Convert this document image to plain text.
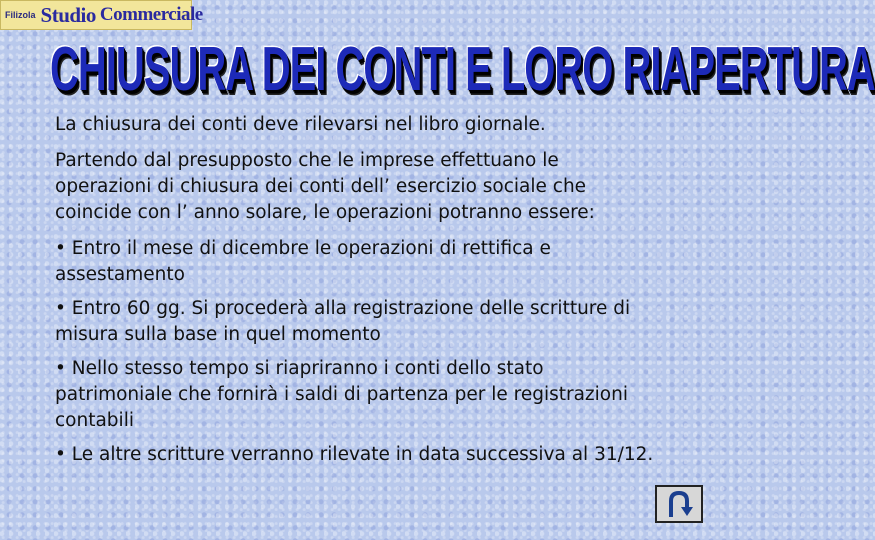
Filizola Studio Commerciale
CHIUSURA DEI CONTI E LORO RIAPERTURA

La chiusura dei conti deve rilevarsi nel libro giornale.

Partendo dal presupposto che le imprese effettuano le operazioni di chiusura dei conti dell’ esercizio sociale che coincide con l’ anno solare, le operazioni potranno essere:

• Entro il mese di dicembre le operazioni di rettifica e assestamento

• Entro 60 gg. Si procederà alla registrazione delle scritture di misura sulla base in quel momento

• Nello stesso tempo si riapriranno i conti dello stato patrimoniale che fornirà i saldi di partenza per le registrazioni contabili

• Le altre scritture verranno rilevate in data successiva al 31/12.
